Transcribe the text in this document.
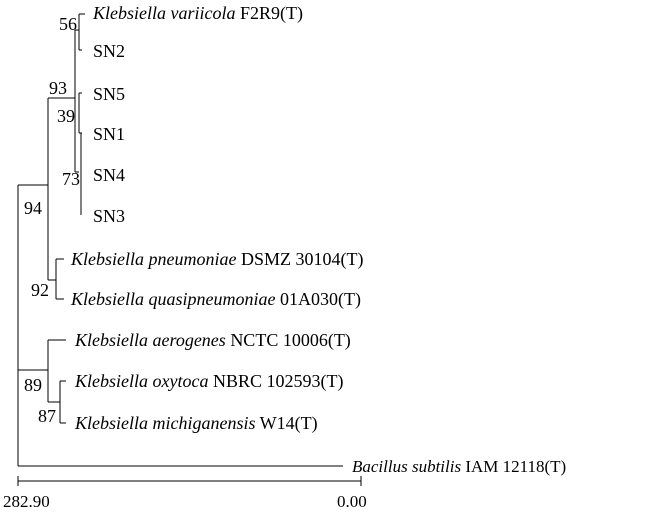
Klebsiella variicola F2R9(T)
SN2
SN5
SN1
SN4
SN3
Klebsiella pneumoniae DSMZ 30104(T)
Klebsiella quasipneumoniae 01A030(T)
Klebsiella aerogenes NCTC 10006(T)
Klebsiella oxytoca NBRC 102593(T)
Klebsiella michiganensis W14(T)
Bacillus subtilis IAM 12118(T)
56
93
39
73
94
92
89
87
282.90	0.00
